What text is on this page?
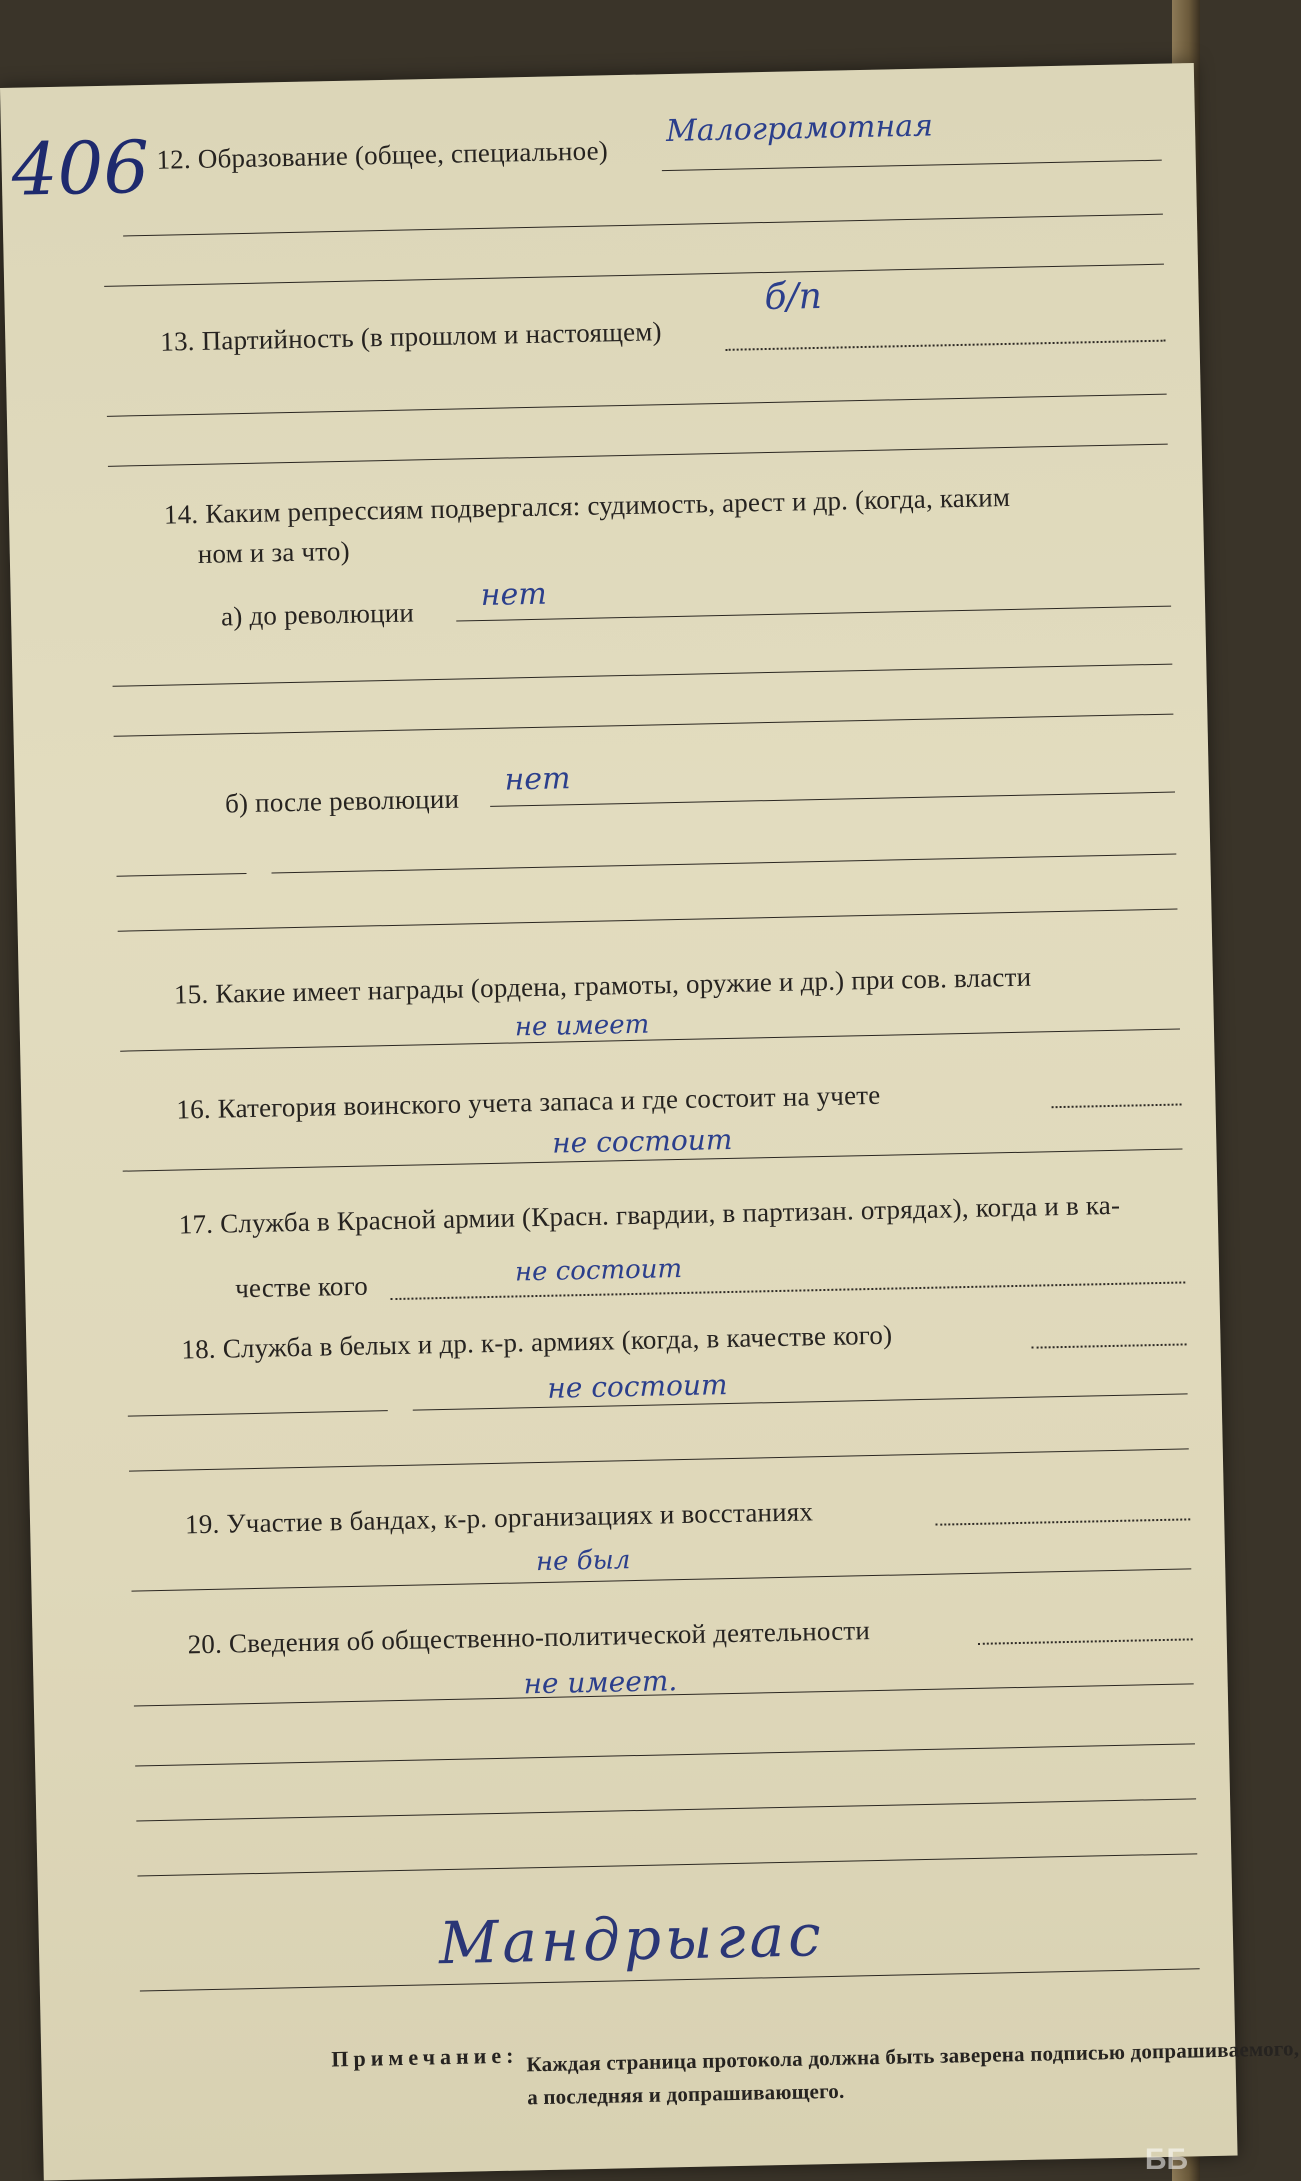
406 12. Образование (общее, специальное)
Малограмотная
13. Партийность (в прошлом и настоящем)
б/п
14. Каким репрессиям подвергался: судимость, арест и др. (когда, каким
ном и за что)
а) до революции
нет
б) после революции
нет
15. Какие имеет награды (ордена, грамоты, оружие и др.) при сов. власти
не имеет
16. Категория воинского учета запаса и где состоит на учете
не состоит
17. Служба в Красной армии (Красн. гвардии, в партизан. отрядах), когда и в ка-
честве кого	не состоит
18. Служба в белых и др. к-р. армиях (когда, в качестве кого)
не состоит
19. Участие в бандах, к-р. организациях и восстаниях
не был
20. Сведения об общественно-политической деятельности
не имеет.
Мандрыгас
Примечание: Каждая страница протокола должна быть заверена подписью допрашиваемого,
а последняя и допрашивающего.
ББ
